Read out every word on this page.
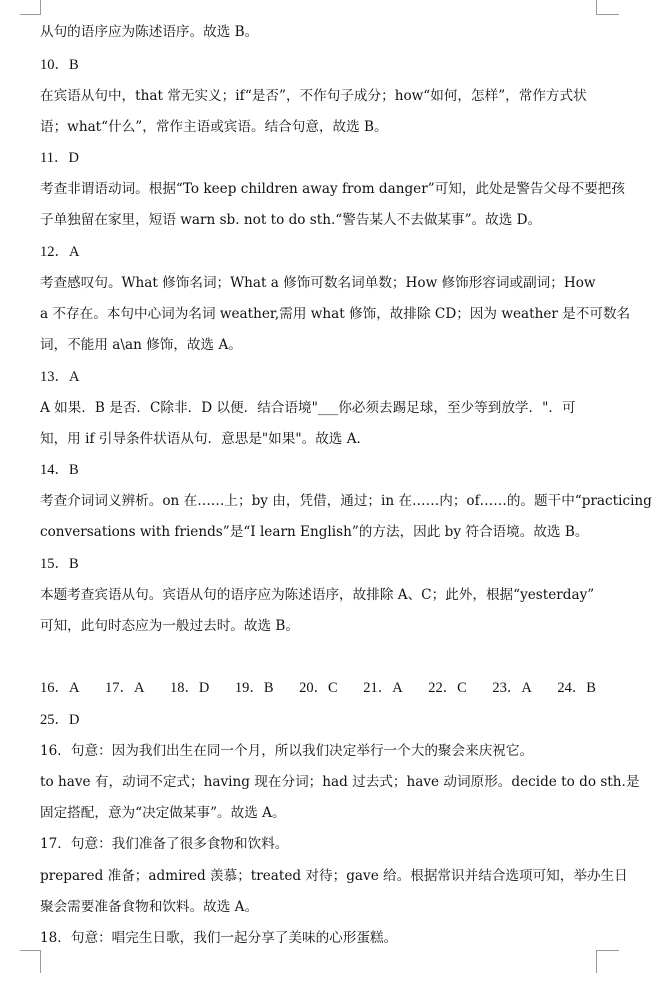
从句的语序应为陈述语序。故选 B。
10．B
在宾语从句中，that 常无实义；if“是否”，不作句子成分；how“如何，怎样”，常作方式状
语；what“什么”，常作主语或宾语。结合句意，故选 B。
11．D
考查非谓语动词。根据“To keep children away from danger”可知，此处是警告父母不要把孩
子单独留在家里，短语 warn sb. not to do sth.“警告某人不去做某事”。故选 D。
12．A
考查感叹句。What 修饰名词；What a 修饰可数名词单数；How 修饰形容词或副词；How
a 不存在。本句中心词为名词 weather,需用 what 修饰，故排除 CD；因为 weather 是不可数名
词，不能用 a\an 修饰，故选 A。
13．A
A 如果．B 是否．C除非．D 以便．结合语境"___你必须去踢足球，至少等到放学．"．可
知，用 if 引导条件状语从句．意思是"如果"。故选 A．
14．B
考查介词词义辨析。on 在……上；by 由，凭借，通过；in 在……内；of……的。题干中“practicing
conversations with friends”是“I learn English”的方法，因此 by 符合语境。故选 B。
15．B
本题考查宾语从句。宾语从句的语序应为陈述语序，故排除 A、C；此外，根据“yesterday”
可知，此句时态应为一般过去时。故选 B。
16．A 17．A 18．D 19．B 20．C 21．A 22．C 23．A 24．B
25．D
16．句意：因为我们出生在同一个月，所以我们决定举行一个大的聚会来庆祝它。
to have 有，动词不定式；having 现在分词；had 过去式；have 动词原形。decide to do sth.是
固定搭配，意为“决定做某事”。故选 A。
17．句意：我们准备了很多食物和饮料。
prepared 准备；admired 羡慕；treated 对待；gave 给。根据常识并结合选项可知，举办生日
聚会需要准备食物和饮料。故选 A。
18．句意：唱完生日歌，我们一起分享了美味的心形蛋糕。
